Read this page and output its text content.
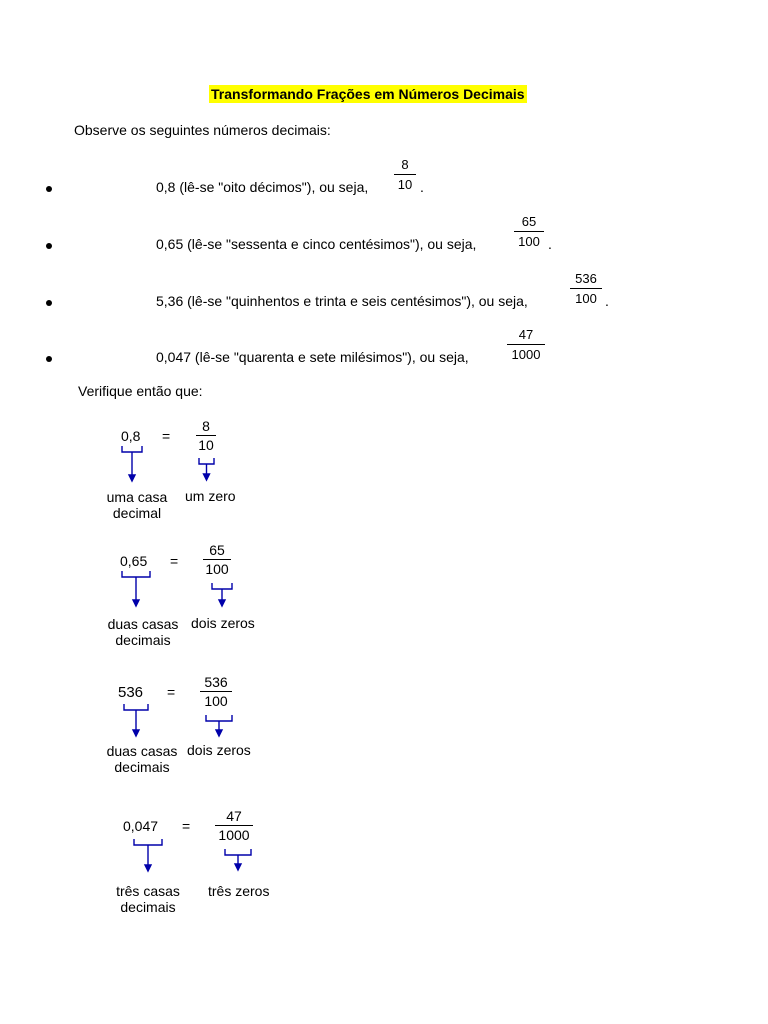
Transformando Frações em Números Decimais
Observe os seguintes números decimais:
0,8 (lê-se "oito décimos"), ou seja,
8
10 .
0,65 (lê-se "sessenta e cinco centésimos"), ou seja,
65
100 .
5,36 (lê-se "quinhentos e trinta e seis centésimos"), ou seja,
536
100 .
0,047 (lê-se "quarenta e sete milésimos"), ou seja,
47
1000
Verifique então que:
0,8 =
8
10
uma casa
decimal
um zero
0,65 =
65
100
duas casas
decimais
dois zeros
536 =
536
100
duas casas
decimais
dois zeros
0,047 =
47
1000
três casas
decimais
três zeros
